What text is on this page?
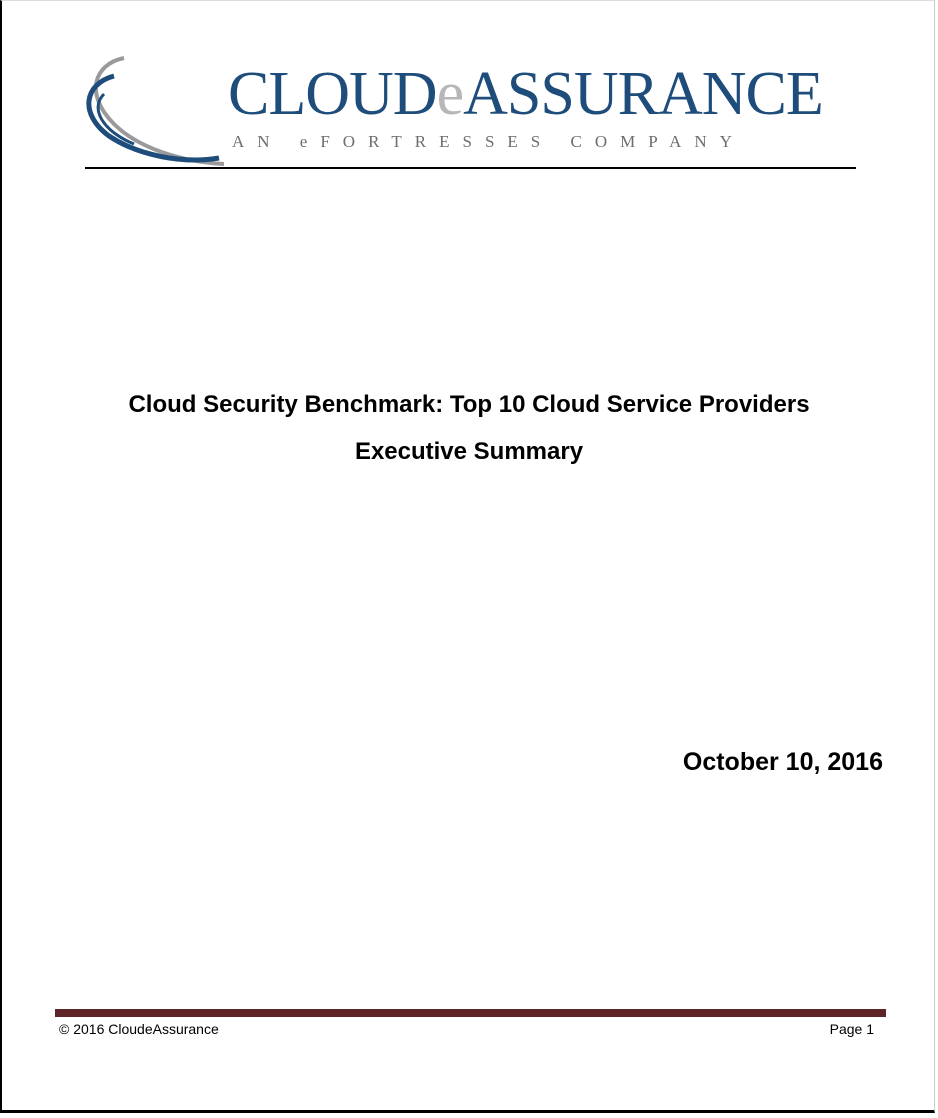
CLOUDeASSURANCE
AN eFORTRESSES COMPANY
Cloud Security Benchmark: Top 10 Cloud Service Providers
Executive Summary
October 10, 2016
© 2016 CloudeAssurance	Page 1
